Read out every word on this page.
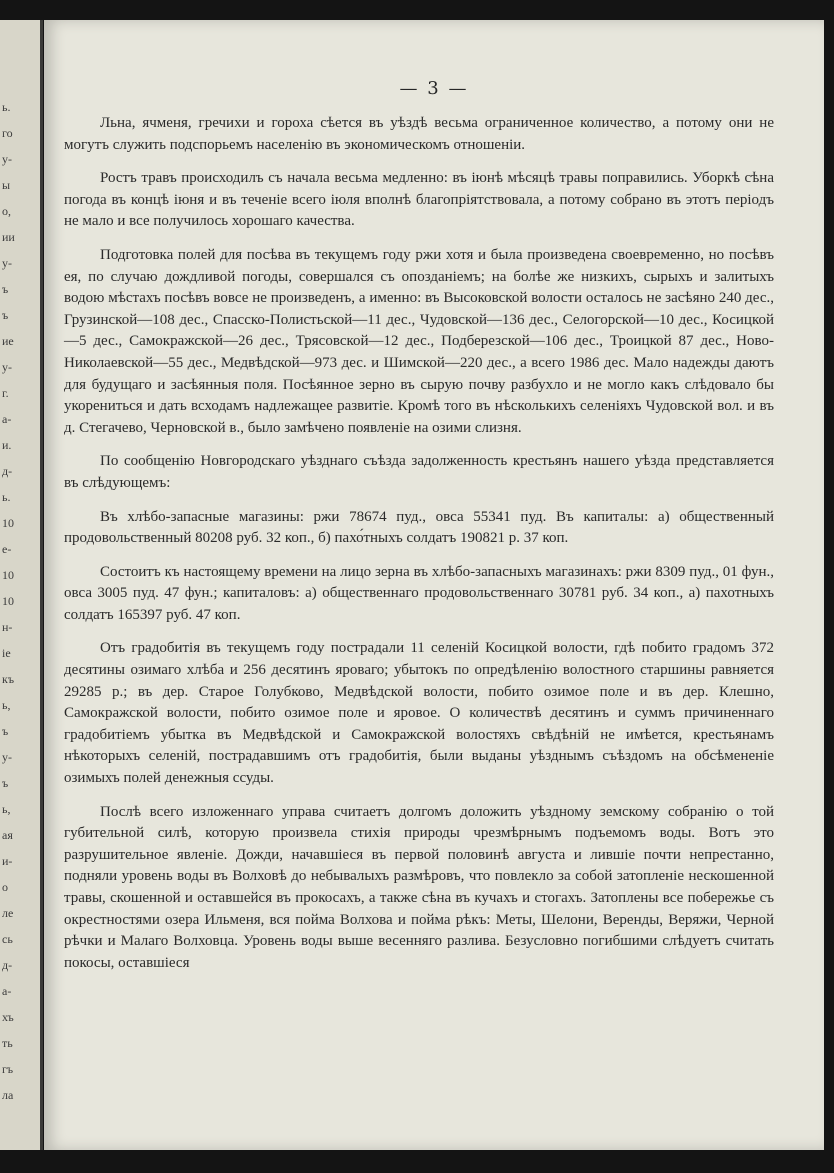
ь.
го
у-
ы
о,
ии
у-
ъ
ъ
ие
у-
г.
а-
и.
д-
ь.
10
е-
10
10
н-
іе
къ
ь,
ъ
у-
ъ
ь,
ая
и-
о
ле
сь
д-
а-
хъ
ть
гъ
ла
— 3 —

Льна, ячменя, гречихи и гороха сѣется въ уѣздѣ весьма ограниченное количество, а потому они не могутъ служить подспорьемъ населенію въ экономическомъ отношеніи.

Ростъ травъ происходилъ съ начала весьма медленно: въ іюнѣ мѣсяцѣ травы поправились. Уборкѣ сѣна погода въ концѣ іюня и въ теченіе всего іюля вполнѣ благопріятствовала, а потому собрано въ этотъ періодъ не мало и все получилось хорошаго качества.

Подготовка полей для посѣва въ текущемъ году ржи хотя и была произведена своевременно, но посѣвъ ея, по случаю дождливой погоды, совершался съ опозданіемъ; на болѣе же низкихъ, сырыхъ и залитыхъ водою мѣстахъ посѣвъ вовсе не произведенъ, а именно: въ Высоковской волости осталось не засѣяно 240 дес., Грузинской—108 дес., Спасско-Полистьской—11 дес., Чудовской—136 дес., Селогорской—10 дес., Косицкой—5 дес., Самокражской—26 дес., Трясовской—12 дес., Подберезской—106 дес., Троицкой 87 дес., Ново-Николаевской—55 дес., Медвѣдской—973 дес. и Шимской—220 дес., а всего 1986 дес. Мало надежды даютъ для будущаго и засѣянныя поля. Посѣянное зерно въ сырую почву разбухло и не могло какъ слѣдовало бы укорениться и дать всходамъ надлежащее развитіе. Кромѣ того въ нѣсколькихъ селеніяхъ Чудовской вол. и въ д. Стегачево, Черновской в., было замѣчено появленіе на озими слизня.

По сообщенію Новгородскаго уѣзднаго съѣзда задолженность крестьянъ нашего уѣзда представляется въ слѣдующемъ:

Въ хлѣбо-запасные магазины: ржи 78674 пуд., овса 55341 пуд. Въ капиталы: а) общественный продовольственный 80208 руб. 32 коп., б) пахо́тныхъ солдатъ 190821 р. 37 коп.

Состоитъ къ настоящему времени на лицо зерна въ хлѣбо-запасныхъ магазинахъ: ржи 8309 пуд., 01 фун., овса 3005 пуд. 47 фун.; капиталовъ: а) общественнаго продовольственнаго 30781 руб. 34 коп., а) пахотныхъ солдатъ 165397 руб. 47 коп.

Отъ градобитія въ текущемъ году пострадали 11 селеній Косицкой волости, гдѣ побито градомъ 372 десятины озимаго хлѣба и 256 десятинъ яроваго; убытокъ по опредѣленію волостного старшины равняется 29285 р.; въ дер. Старое Голубково, Медвѣдской волости, побито озимое поле и въ дер. Клешно, Самокражской волости, побито озимое поле и яровое. О количествѣ десятинъ и суммъ причиненнаго градобитіемъ убытка въ Медвѣдской и Самокражской волостяхъ свѣдѣній не имѣется, крестьянамъ нѣкоторыхъ селеній, пострадавшимъ отъ градобитія, были выданы уѣзднымъ съѣздомъ на обсѣмененіе озимыхъ полей денежныя ссуды.

Послѣ всего изложеннаго управа считаетъ долгомъ доложить уѣздному земскому собранію о той губительной силѣ, которую произвела стихія природы чрезмѣрнымъ подъемомъ воды. Вотъ это разрушительное явленіе. Дожди, начавшіеся въ первой половинѣ августа и лившіе почти непрестанно, подняли уровень воды въ Волховѣ до небывалыхъ размѣровъ, что повлекло за собой затопленіе нескошенной травы, скошенной и оставшейся въ прокосахъ, а также сѣна въ кучахъ и стогахъ. Затоплены все побережье съ окрестностями озера Ильменя, вся пойма Волхова и пойма рѣкъ: Меты, Шелони, Веренды, Веряжи, Черной рѣчки и Малаго Волховца. Уровень воды выше весенняго разлива. Безусловно погибшими слѣдуетъ считать покосы, оставшіеся
